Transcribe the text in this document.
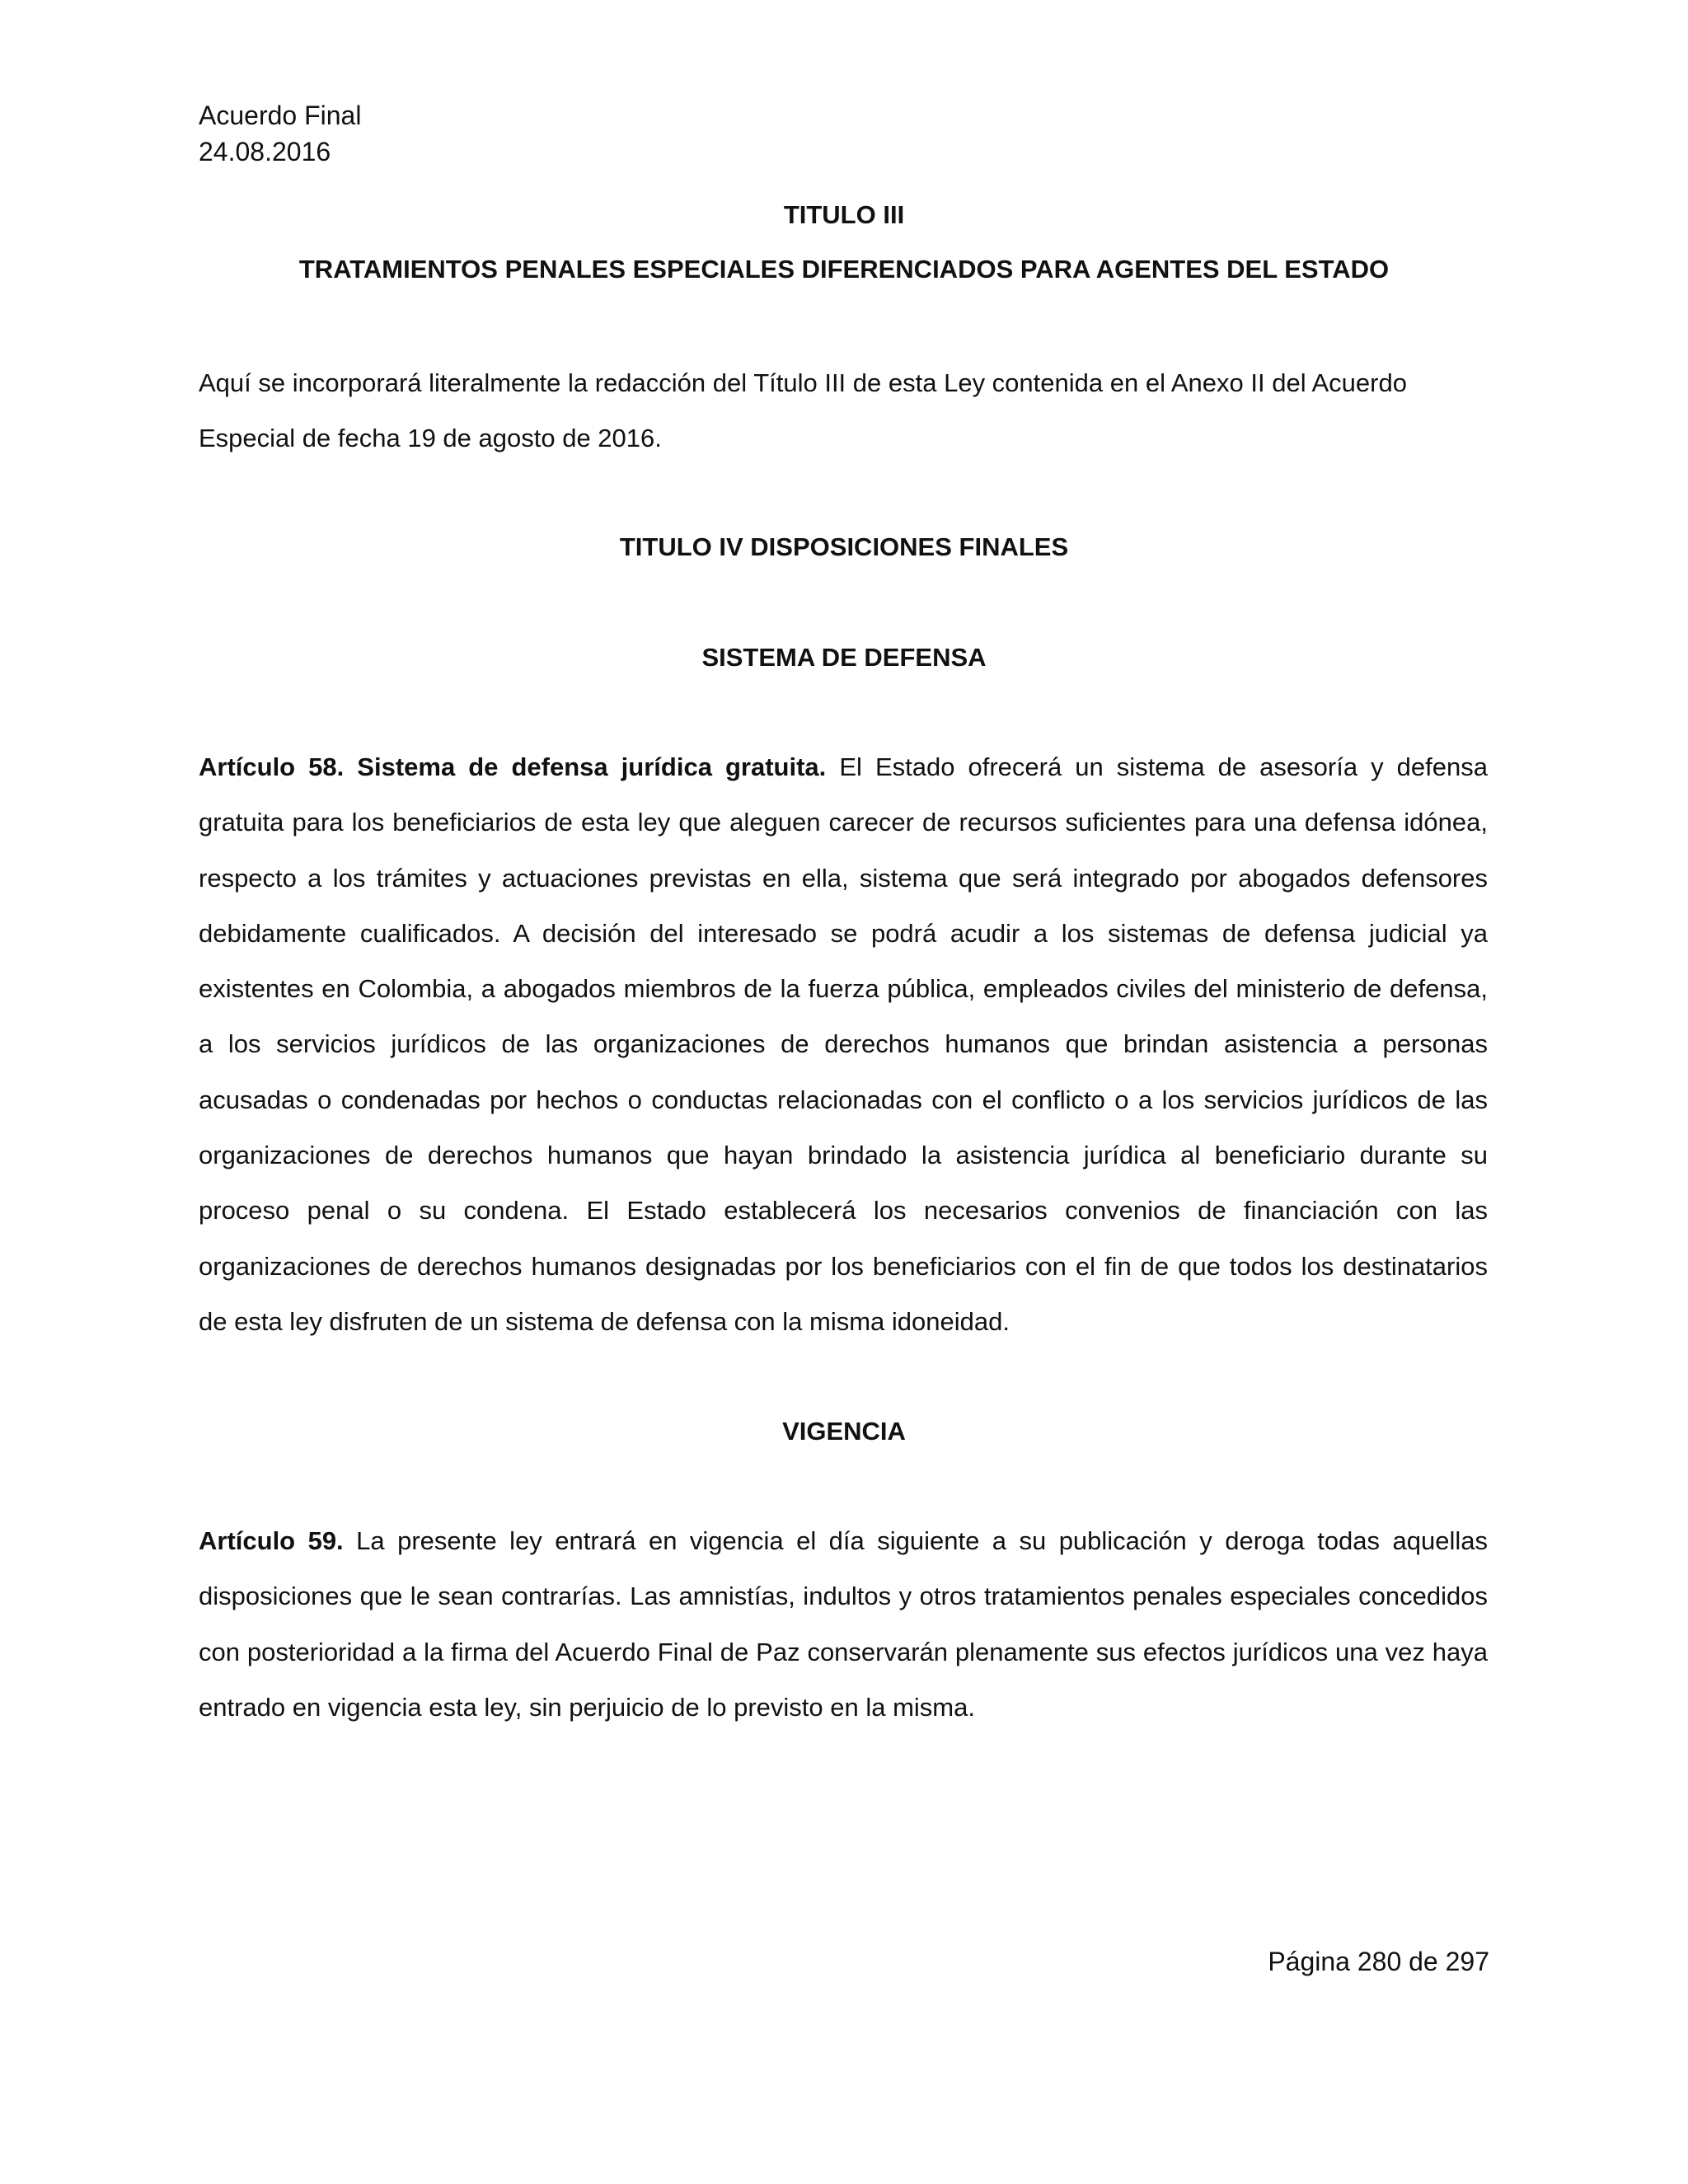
Acuerdo Final
24.08.2016
TITULO III
TRATAMIENTOS PENALES ESPECIALES DIFERENCIADOS PARA AGENTES DEL ESTADO
Aquí se incorporará literalmente la redacción del Título III de esta Ley contenida en el Anexo II del Acuerdo Especial de fecha 19 de agosto de 2016.
TITULO IV DISPOSICIONES FINALES
SISTEMA DE DEFENSA
Artículo 58. Sistema de defensa jurídica gratuita. El Estado ofrecerá un sistema de asesoría y defensa gratuita para los beneficiarios de esta ley que aleguen carecer de recursos suficientes para una defensa idónea, respecto a los trámites y actuaciones previstas en ella, sistema que será integrado por abogados defensores debidamente cualificados. A decisión del interesado se podrá acudir a los sistemas de defensa judicial ya existentes en Colombia, a abogados miembros de la fuerza pública, empleados civiles del ministerio de defensa, a los servicios jurídicos de las organizaciones de derechos humanos que brindan asistencia a personas acusadas o condenadas por hechos o conductas relacionadas con el conflicto o a los servicios jurídicos de las organizaciones de derechos humanos que hayan brindado la asistencia jurídica al beneficiario durante su proceso penal o su condena. El Estado establecerá los necesarios convenios de financiación con las organizaciones de derechos humanos designadas por los beneficiarios con el fin de que todos los destinatarios de esta ley disfruten de un sistema de defensa con la misma idoneidad.
VIGENCIA
Artículo 59. La presente ley entrará en vigencia el día siguiente a su publicación y deroga todas aquellas disposiciones que le sean contrarías. Las amnistías, indultos y otros tratamientos penales especiales concedidos con posterioridad a la firma del Acuerdo Final de Paz conservarán plenamente sus efectos jurídicos una vez haya entrado en vigencia esta ley, sin perjuicio de lo previsto en la misma.
Página 280 de 297
